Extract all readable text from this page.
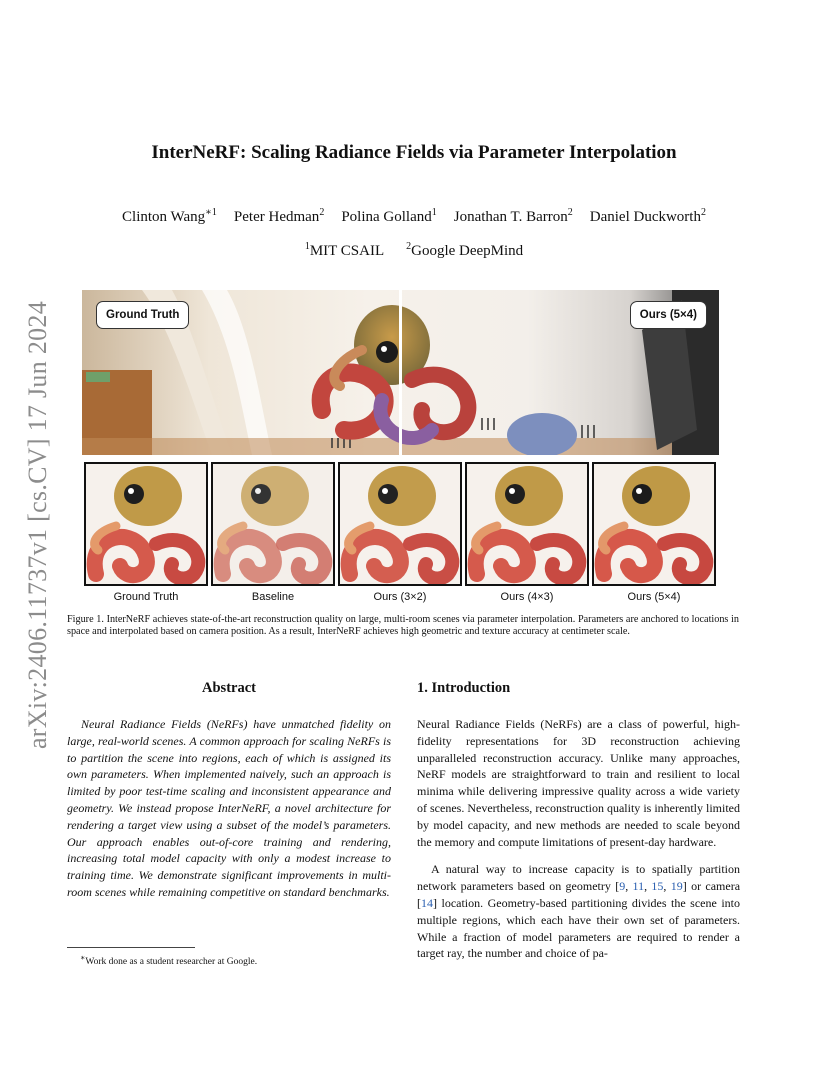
arXiv:2406.11737v1 [cs.CV] 17 Jun 2024
InterNeRF: Scaling Radiance Fields via Parameter Interpolation
Clinton Wang$^{∗1}$ Peter Hedman$^2$ Polina Golland$^1$ Jonathan T. Barron$^2$ Daniel Duckworth$^2$
$^1$MIT CSAIL $^2$Google DeepMind
Ground Truth	Ours (5×4)
Ground Truth	Baseline	Ours (3×2)	Ours (4×3)	Ours (5×4)
Figure 1. InterNeRF achieves state-of-the-art reconstruction quality on large, multi-room scenes via parameter interpolation. Parameters are anchored to locations in space and interpolated based on camera position. As a result, InterNeRF achieves high geometric and texture accuracy at centimeter scale.
Abstract

Neural Radiance Fields (NeRFs) have unmatched fidelity on large, real-world scenes. A common approach for scaling NeRFs is to partition the scene into regions, each of which is assigned its own parameters. When implemented naively, such an approach is limited by poor test-time scaling and inconsistent appearance and geometry. We instead propose InterNeRF, a novel architecture for rendering a target view using a subset of the model’s parameters. Our approach enables out-of-core training and rendering, increasing total model capacity with only a modest increase to training time. We demonstrate significant improvements in multi-room scenes while remaining competitive on standard benchmarks.

1. Introduction

Neural Radiance Fields (NeRFs) are a class of powerful, high-fidelity representations for 3D reconstruction achieving unparalleled reconstruction accuracy. Unlike many approaches, NeRF models are straightforward to train and resilient to local minima while delivering impressive quality across a wide variety of scenes. Nevertheless, reconstruction quality is inherently limited by model capacity, and new methods are needed to scale beyond the memory and compute limitations of present-day hardware.

A natural way to increase capacity is to spatially partition network parameters based on geometry [9, 11, 15, 19] or camera [14] location. Geometry-based partitioning divides the scene into multiple regions, which each have their own set of parameters. While a fraction of model parameters are required to render a target ray, the number and choice of pa-

∗Work done as a student researcher at Google.
